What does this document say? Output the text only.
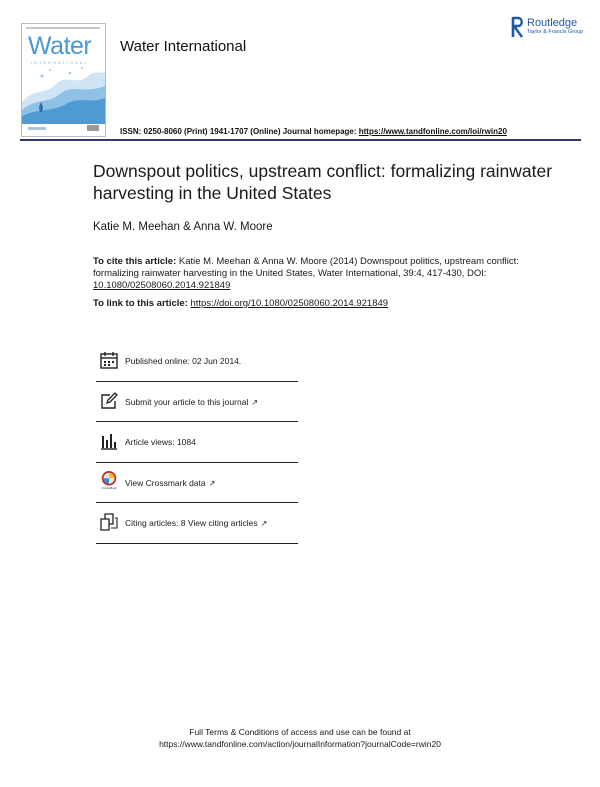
Water
INTERNATIONAL
Water International
Routledge
Taylor & Francis Group
ISSN: 0250-8060 (Print) 1941-1707 (Online) Journal homepage: https://www.tandfonline.com/loi/rwin20
Downspout politics, upstream conflict: formalizing rainwater harvesting in the United States
Katie M. Meehan & Anna W. Moore
To cite this article: Katie M. Meehan & Anna W. Moore (2014) Downspout politics, upstream conflict: formalizing rainwater harvesting in the United States, Water International, 39:4, 417-430, DOI: 10.1080/02508060.2014.921849
To link to this article: https://doi.org/10.1080/02508060.2014.921849
Published online: 02 Jun 2014.
Submit your article to this journal ↗
Article views: 1084
CrossMark
View Crossmark data ↗
Citing articles: 8 View citing articles ↗
Full Terms & Conditions of access and use can be found at
https://www.tandfonline.com/action/journalInformation?journalCode=rwin20
